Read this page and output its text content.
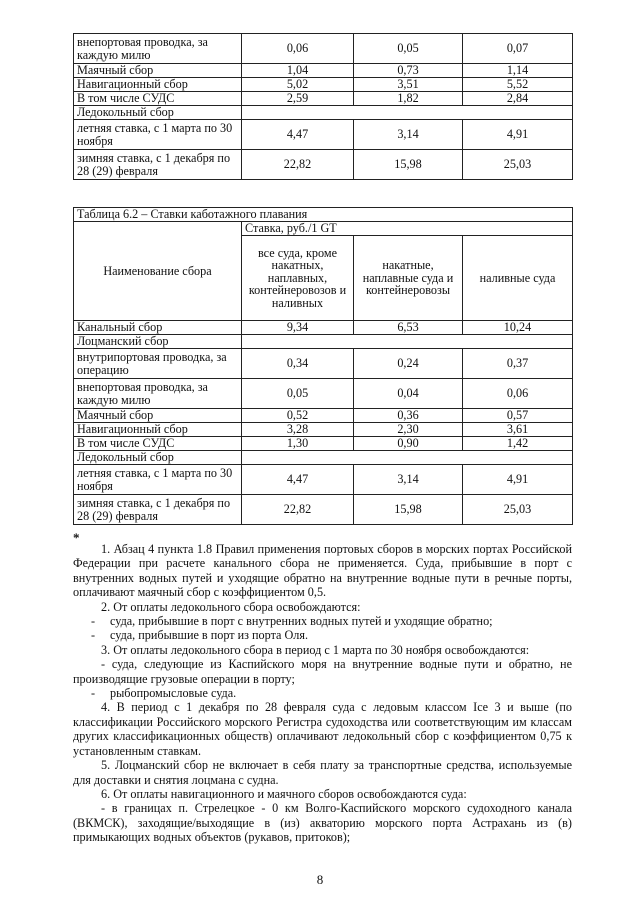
внепортовая проводка, за каждую милю	0,06	0,05	0,07
Маячный сбор	1,04	0,73	1,14
Навигационный сбор	5,02	3,51	5,52
В том числе СУДС	2,59	1,82	2,84
Ледокольный сбор			
летняя ставка, с 1 марта по 30 ноября	4,47	3,14	4,91
зимняя ставка, с 1 декабря по 28 (29) февраля	22,82	15,98	25,03
Таблица 6.2 – Ставки каботажного плавания			
Наименование сбора	Ставка, руб./1 GT		
	все суда, кроме накатных, наплавных, контейнеровозов и наливных	накатные, наплавные суда и контейнеровозы	наливные суда
Канальный сбор	9,34	6,53	10,24
Лоцманский сбор			
внутрипортовая проводка, за операцию	0,34	0,24	0,37
внепортовая проводка, за каждую милю	0,05	0,04	0,06
Маячный сбор	0,52	0,36	0,57
Навигационный сбор	3,28	2,30	3,61
В том числе СУДС	1,30	0,90	1,42
Ледокольный сбор			
летняя ставка, с 1 марта по 30 ноября	4,47	3,14	4,91
зимняя ставка, с 1 декабря по 28 (29) февраля	22,82	15,98	25,03
*

1. Абзац 4 пункта 1.8 Правил применения портовых сборов в морских портах Российской Федерации при расчете канального сбора не применяется. Суда, прибывшие в порт с внутренних водных путей и уходящие обратно на внутренние водные пути в речные порты, оплачивают маячный сбор с коэффициентом 0,5.

2. От оплаты ледокольного сбора освобождаются:

- суда, прибывшие в порт с внутренних водных путей и уходящие обратно;

- суда, прибывшие в порт из порта Оля.

3. От оплаты ледокольного сбора в период с 1 марта по 30 ноября освобождаются:

- суда, следующие из Каспийского моря на внутренние водные пути и обратно, не производящие грузовые операции в порту;

- рыбопромысловые суда.

4. В период с 1 декабря по 28 февраля суда с ледовым классом Ice 3 и выше (по классификации Российского морского Регистра судоходства или соответствующим им классам других классификационных обществ) оплачивают ледокольный сбор с коэффициентом 0,75 к установленным ставкам.

5. Лоцманский сбор не включает в себя плату за транспортные средства, используемые для доставки и снятия лоцмана с судна.

6. От оплаты навигационного и маячного сборов освобождаются суда:

- в границах п. Стрелецкое - 0 км Волго-Каспийского морского судоходного канала (ВКМСК), заходящие/выходящие в (из) акваторию морского порта Астрахань из (в) примыкающих водных объектов (рукавов, притоков);

8
